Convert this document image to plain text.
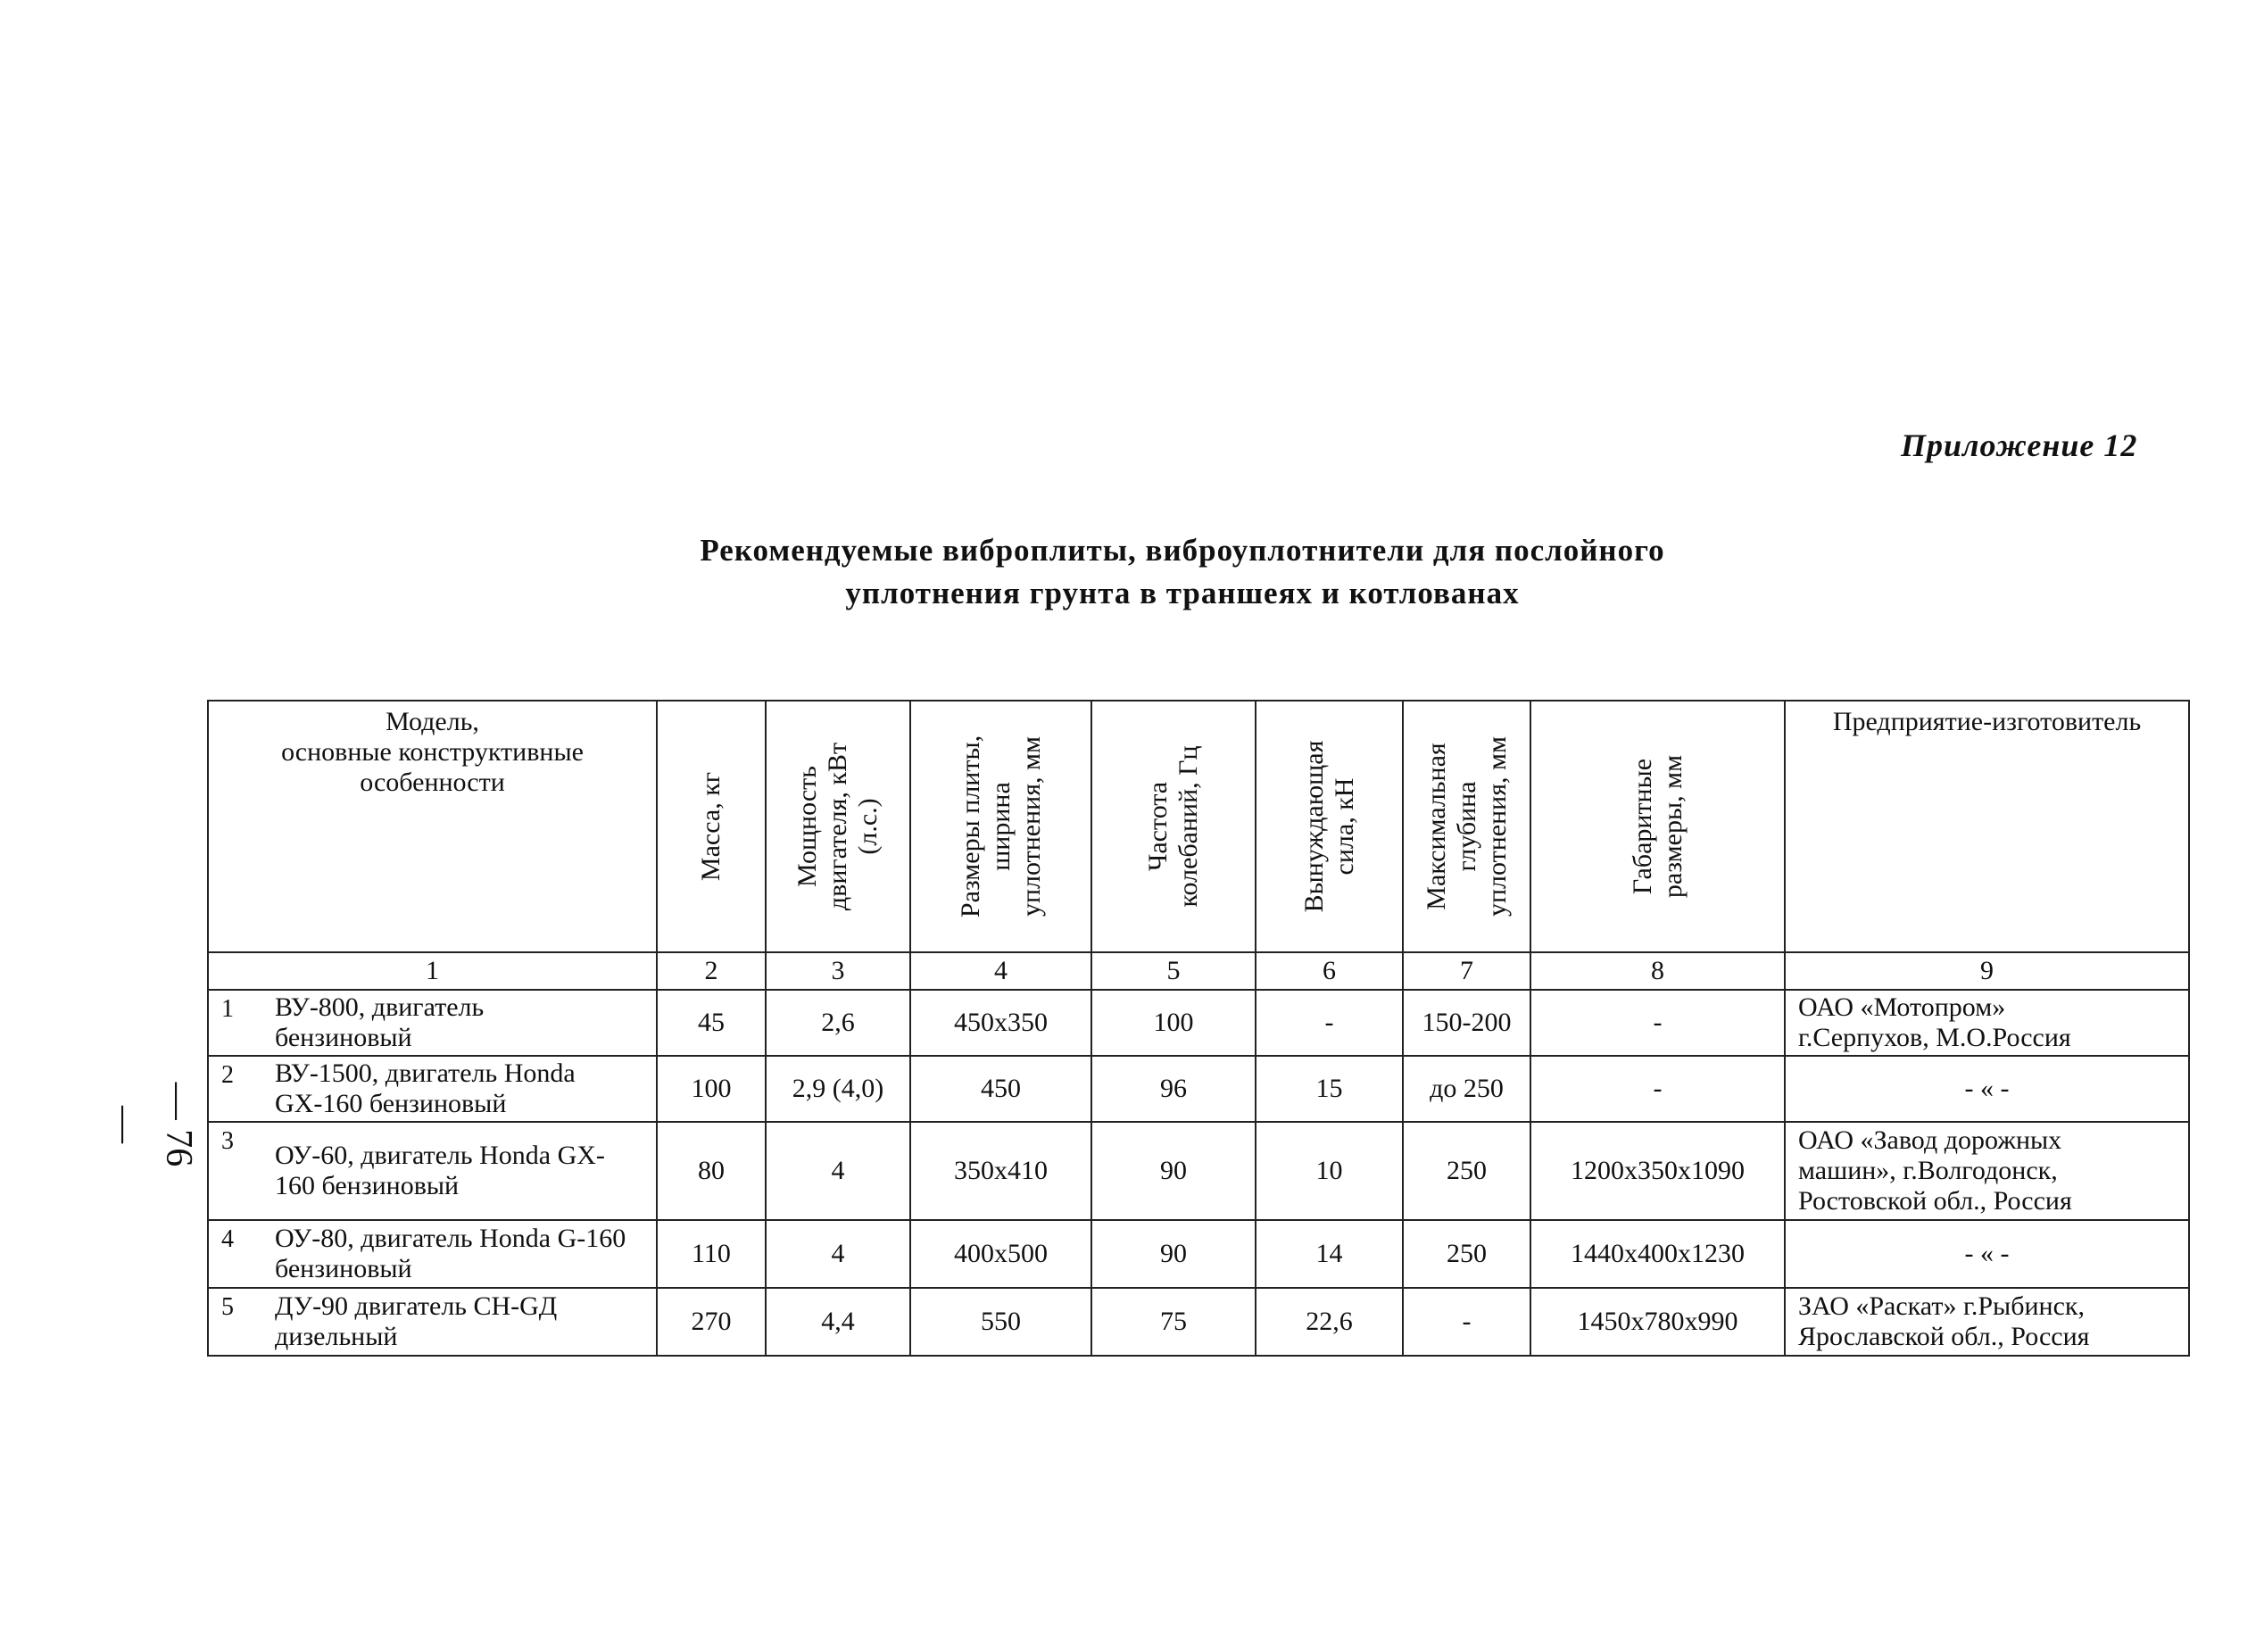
Приложение 12
Рекомендуемые виброплиты, виброуплотнители для послойного
уплотнения грунта в траншеях и котлованах
— 76 —
Модель,
основные конструктивные
особенности	Масса, кг	Мощность двигателя, кВт (л.с.)	Размеры плиты, ширина уплотнения, мм	Частота колебаний, Гц	Вынуждающая сила, кН	Максимальная глубина уплотнения, мм	Габаритные размеры, мм	Предприятие-изготовитель
1	2	3	4	5	6	7	8	9

1 ВУ-800, двигатель
бензиновый	45	2,6	450x350	100	-	150-200	-	ОАО «Мотопром»
г.Серпухов, М.О.Россия

2 ВУ-1500, двигатель Honda
GX-160 бензиновый	100	2,9 (4,0)	450	96	15	до 250	-	- « -

3 ОУ-60, двигатель Honda GX-
160 бензиновый	80	4	350x410	90	10	250	1200x350x1090	ОАО «Завод дорожных
машин», г.Волгодонск,
Ростовской обл., Россия

4 ОУ-80, двигатель Honda G-160
бензиновый	110	4	400x500	90	14	250	1440x400x1230	- « -

5 ДУ-90 двигатель CH-GД
дизельный	270	4,4	550	75	22,6	-	1450x780x990	ЗАО «Раскат» г.Рыбинск,
Ярославской обл., Россия
